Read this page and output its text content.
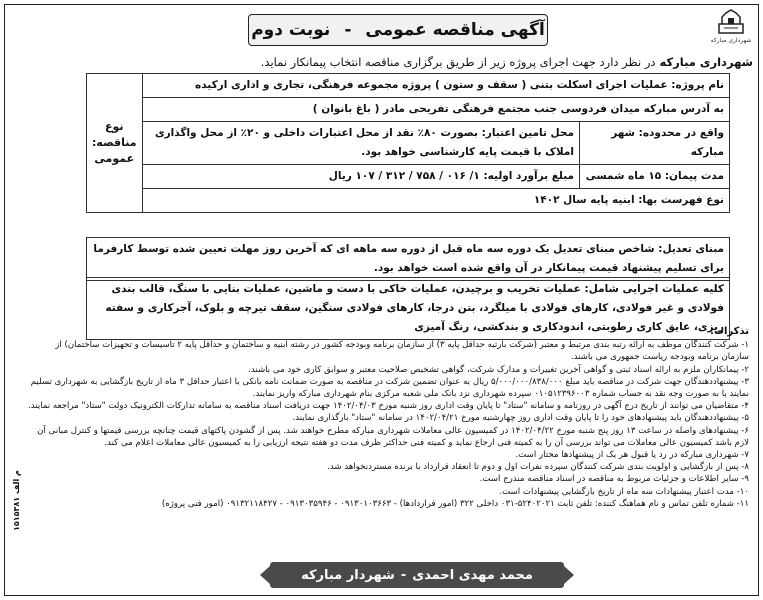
شهرداری مبارکه
آگهی مناقصه عمومی
-
نوبت دوم
شهرداری مبارکه در نظر دارد جهت اجرای پروژه زیر از طریق برگزاری مناقصه انتخاب پیمانکار نماید.
نام پروژه: عملیات اجرای اسکلت بتنی ( سقف و ستون ) پروژه مجموعه فرهنگی، تجاری و اداری ارکیده		نوع مناقصه: عمومی
به آدرس مبارکه میدان فردوسی جنب مجتمع فرهنگی تفریحی مادر ( باغ بانوان )		
واقع در محدوده: شهر مبارکه	محل تامین اعتبار: بصورت ۸۰٪ نقد از محل اعتبارات داخلی و ۲۰٪ از محل واگذاری املاک با قیمت پایه کارشناسی خواهد بود.	
مدت پیمان: ۱۵ ماه شمسی	مبلغ برآورد اولیه: ۱/ ۰۱۶ / ۷۵۸ / ۳۱۲ / ۱۰۷ ریال	
نوع فهرست بها: ابنیه پایه سال ۱۴۰۲		
مبنای تعدیل: شاخص مبنای تعدیل یک دوره سه ماه قبل از دوره سه ماهه ای که آخرین روز مهلت تعیین شده توسط کارفرما برای تسلیم پیشنهاد قیمت پیمانکار در آن واقع شده است خواهد بود.
کلیه عملیات اجرایی شامل: عملیات تخریب و برچیدن، عملیات خاکی با دست و ماشین، عملیات بنایی با سنگ، قالب بندی فولادی و غیر فولادی، کارهای فولادی با میلگرد، بتن درجا، کارهای فولادی سنگین، سقف تیرچه و بلوک، آجرکاری و سفته ریزی، عایق کاری رطوبتی، اندودکاری و بندکشی، رنگ آمیزی
تذکرات:
۱- شرکت کنندگان موظف به ارائه رتبه بندی مرتبط و معتبر (شرکت بارتبه حداقل پایه ۳) از سازمان برنامه وبودجه کشور در رشته ابنیه و ساختمان و حداقل پایه ۲ تاسیسات و تجهیزات ساختمان) از سازمان برنامه وبودجه ریاست جمهوری می باشند.
۲- پیمانکاران ملزم به ارائه اسناد ثبتی و گواهی آخرین تغییرات و مدارک شرکت، گواهی تشخیص صلاحیت معتبر و سوابق کاری خود می باشند.
۳- پیشنهاددهندگان جهت شرکت در مناقصه باید مبلغ ۵/۰۰۰/۰۰۰/۸۳۸/۰۰۰ ریال به عنوان تضمین شرکت در مناقصه به صورت ضمانت نامه بانکی با اعتبار حداقل ۳ ماه از تاریخ بازگشایی به شهرداری تسلیم نمایند یا به صورت وجه نقد به حساب شماره ۰۱۰۵۱۲۳۹۶۰۰۳ سپرده شهرداری نزد بانک ملی شعبه مرکزی بنام شهرداری مبارکه واریز نمایند.
۴- متقاضیان می توانند از تاریخ درج آگهی در روزنامه و سامانه "ستاد" تا پایان وقت اداری روز شنبه مورخ ۱۴۰۲/۰۴/۰۳ جهت دریافت اسناد مناقصه به سامانه تدارکات الکترونیک دولت "ستاد" مراجعه نمایند.
۵- پیشنهاددهندگان باید پیشنهادهای خود را تا پایان وقت اداری روز چهارشنبه مورخ ۱۴۰۲/۰۴/۲۱ در سامانه "ستاد" بارگذاری نمایند.
۶- پیشنهادهای واصله در ساعت ۱۳ روز پنج شنبه مورخ ۱۴۰۲/۰۴/۲۲ در کمیسیون عالی معاملات شهرداری مبارکه مطرح خواهند شد. پس از گشودن پاکتهای قیمت چنانچه بررسی قیمتها و کنترل مبانی آن لازم باشد کمیسیون عالی معاملات می تواند بررسی آن را به کمیته فنی ارجاع نماید و کمیته فنی حداکثر ظرف مدت دو هفته نتیجه ارزیابی را به کمیسیون عالی معاملات اعلام می کند.
۷- شهرداری مبارکه در رد یا قبول هر یک از پیشنهادها مختار است.
۸- پس از بازگشایی و اولویت بندی شرکت کنندگان سپرده نفرات اول و دوم تا انعقاد قرارداد با برنده مستردنخواهد شد.
۹- سایر اطلاعات و جزئیات مربوط به مناقصه در اسناد مناقصه مندرج است.
۱۰- مدت اعتبار پیشنهادات سه ماه از تاریخ بازگشایی پیشنهادات است.
۱۱- شماره تلفن تماس و نام هماهنگ کننده: تلفن ثابت ۵۲۴۰۲۰۲۱-۰۳۱ داخلی ۳۲۲ (امور قراردادها) - ۰۹۱۳۰۱۰۳۶۶۳ - ۰۹۱۳۰۳۵۹۴۶ - ۰۹۱۳۲۱۱۸۴۲۷ (امور فنی پروژه)
م الف ۱۵۱۵۳۸۱
محمد مهدی احمدی
-
شهردار مبارکه
